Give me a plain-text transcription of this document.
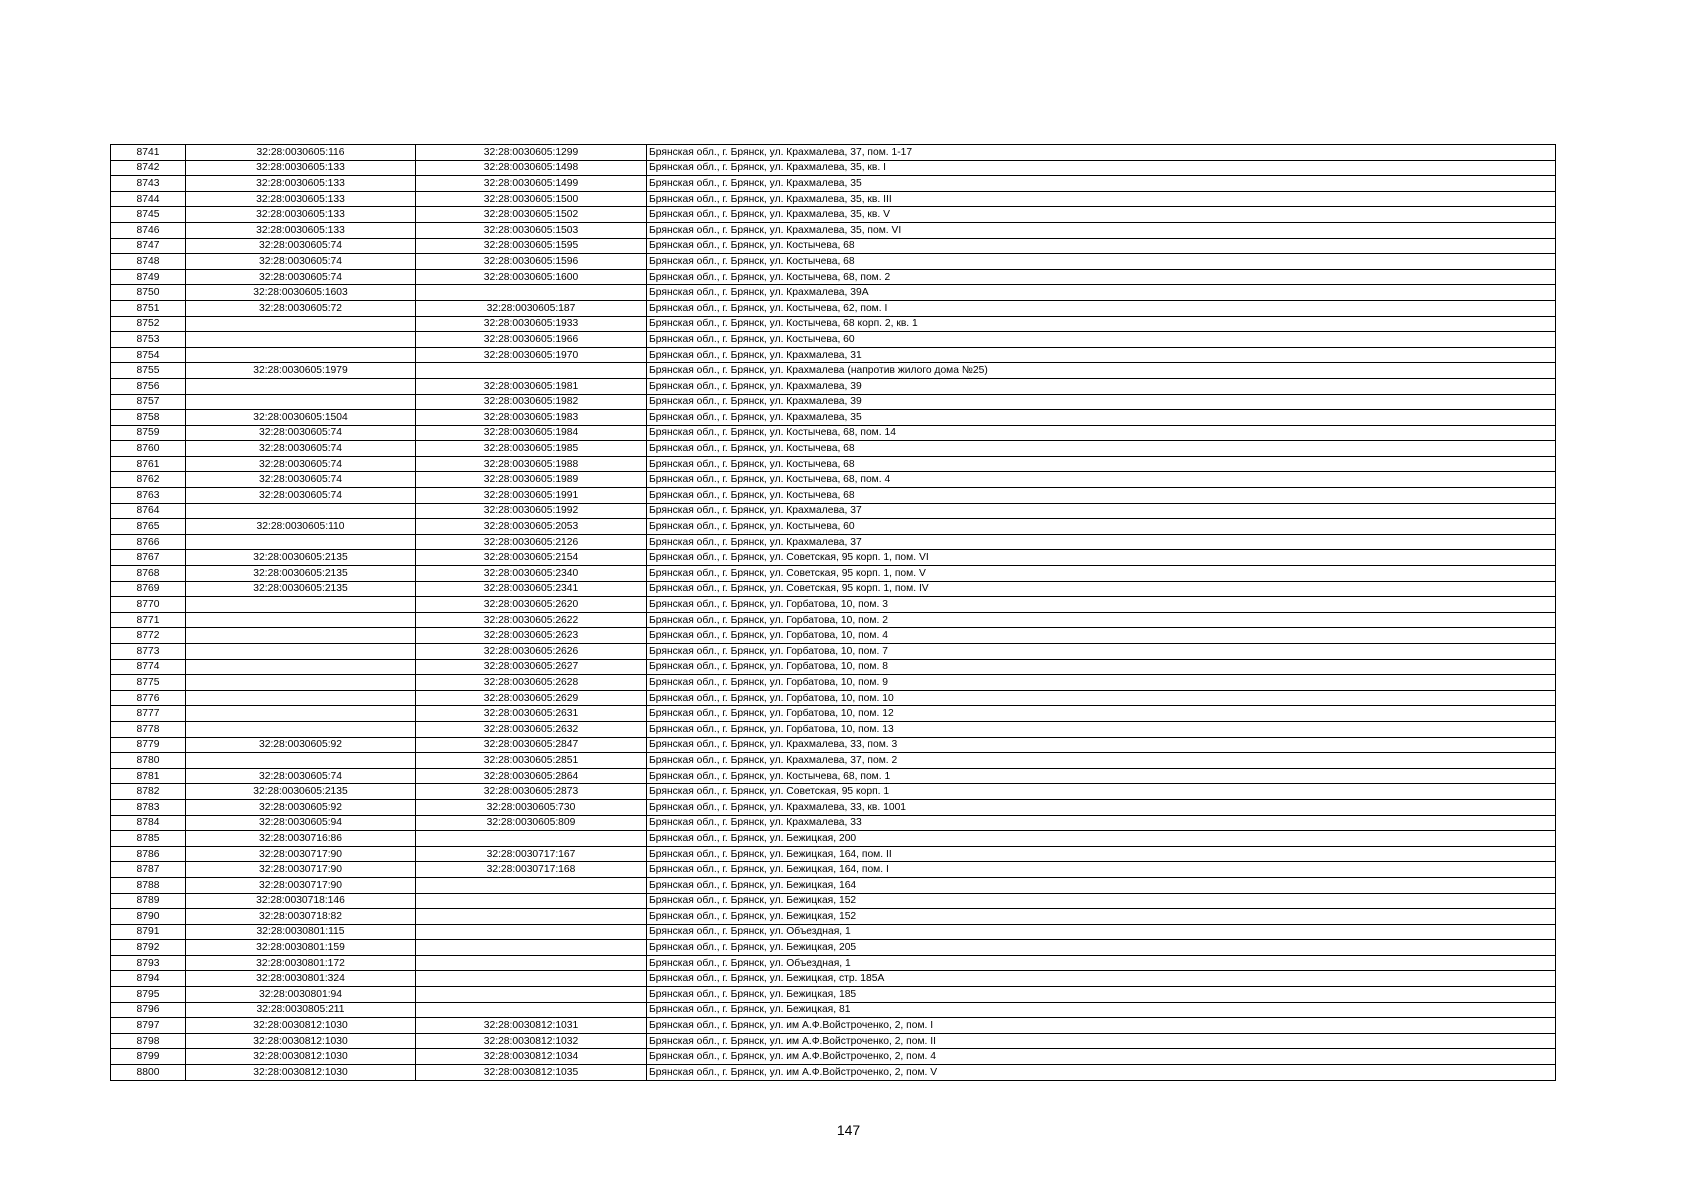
8741	32:28:0030605:116	32:28:0030605:1299	Брянская обл., г. Брянск, ул. Крахмалева, 37, пом. 1-17
8742	32:28:0030605:133	32:28:0030605:1498	Брянская обл., г. Брянск, ул. Крахмалева, 35, кв. I
8743	32:28:0030605:133	32:28:0030605:1499	Брянская обл., г. Брянск, ул. Крахмалева, 35
8744	32:28:0030605:133	32:28:0030605:1500	Брянская обл., г. Брянск, ул. Крахмалева, 35, кв. III
8745	32:28:0030605:133	32:28:0030605:1502	Брянская обл., г. Брянск, ул. Крахмалева, 35, кв. V
8746	32:28:0030605:133	32:28:0030605:1503	Брянская обл., г. Брянск, ул. Крахмалева, 35, пом. VI
8747	32:28:0030605:74	32:28:0030605:1595	Брянская обл., г. Брянск, ул. Костычева, 68
8748	32:28:0030605:74	32:28:0030605:1596	Брянская обл., г. Брянск, ул. Костычева, 68
8749	32:28:0030605:74	32:28:0030605:1600	Брянская обл., г. Брянск, ул. Костычева, 68, пом. 2
8750	32:28:0030605:1603		Брянская обл., г. Брянск, ул. Крахмалева, 39А
8751	32:28:0030605:72	32:28:0030605:187	Брянская обл., г. Брянск, ул. Костычева, 62, пом. I
8752		32:28:0030605:1933	Брянская обл., г. Брянск, ул. Костычева, 68 корп. 2, кв. 1
8753		32:28:0030605:1966	Брянская обл., г. Брянск, ул. Костычева, 60
8754		32:28:0030605:1970	Брянская обл., г. Брянск, ул. Крахмалева, 31
8755	32:28:0030605:1979		Брянская обл., г. Брянск, ул. Крахмалева (напротив жилого дома №25)
8756		32:28:0030605:1981	Брянская обл., г. Брянск, ул. Крахмалева, 39
8757		32:28:0030605:1982	Брянская обл., г. Брянск, ул. Крахмалева, 39
8758	32:28:0030605:1504	32:28:0030605:1983	Брянская обл., г. Брянск, ул. Крахмалева, 35
8759	32:28:0030605:74	32:28:0030605:1984	Брянская обл., г. Брянск, ул. Костычева, 68, пом. 14
8760	32:28:0030605:74	32:28:0030605:1985	Брянская обл., г. Брянск, ул. Костычева, 68
8761	32:28:0030605:74	32:28:0030605:1988	Брянская обл., г. Брянск, ул. Костычева, 68
8762	32:28:0030605:74	32:28:0030605:1989	Брянская обл., г. Брянск, ул. Костычева, 68, пом. 4
8763	32:28:0030605:74	32:28:0030605:1991	Брянская обл., г. Брянск, ул. Костычева, 68
8764		32:28:0030605:1992	Брянская обл., г. Брянск, ул. Крахмалева, 37
8765	32:28:0030605:110	32:28:0030605:2053	Брянская обл., г. Брянск, ул. Костычева, 60
8766		32:28:0030605:2126	Брянская обл., г. Брянск, ул. Крахмалева, 37
8767	32:28:0030605:2135	32:28:0030605:2154	Брянская обл., г. Брянск, ул. Советская, 95 корп. 1, пом. VI
8768	32:28:0030605:2135	32:28:0030605:2340	Брянская обл., г. Брянск, ул. Советская, 95 корп. 1, пом. V
8769	32:28:0030605:2135	32:28:0030605:2341	Брянская обл., г. Брянск, ул. Советская, 95 корп. 1, пом. IV
8770		32:28:0030605:2620	Брянская обл., г. Брянск, ул. Горбатова, 10, пом. 3
8771		32:28:0030605:2622	Брянская обл., г. Брянск, ул. Горбатова, 10, пом. 2
8772		32:28:0030605:2623	Брянская обл., г. Брянск, ул. Горбатова, 10, пом. 4
8773		32:28:0030605:2626	Брянская обл., г. Брянск, ул. Горбатова, 10, пом. 7
8774		32:28:0030605:2627	Брянская обл., г. Брянск, ул. Горбатова, 10, пом. 8
8775		32:28:0030605:2628	Брянская обл., г. Брянск, ул. Горбатова, 10, пом. 9
8776		32:28:0030605:2629	Брянская обл., г. Брянск, ул. Горбатова, 10, пом. 10
8777		32:28:0030605:2631	Брянская обл., г. Брянск, ул. Горбатова, 10, пом. 12
8778		32:28:0030605:2632	Брянская обл., г. Брянск, ул. Горбатова, 10, пом. 13
8779	32:28:0030605:92	32:28:0030605:2847	Брянская обл., г. Брянск, ул. Крахмалева, 33, пом. 3
8780		32:28:0030605:2851	Брянская обл., г. Брянск, ул. Крахмалева, 37, пом. 2
8781	32:28:0030605:74	32:28:0030605:2864	Брянская обл., г. Брянск, ул. Костычева, 68, пом. 1
8782	32:28:0030605:2135	32:28:0030605:2873	Брянская обл., г. Брянск, ул. Советская, 95 корп. 1
8783	32:28:0030605:92	32:28:0030605:730	Брянская обл., г. Брянск, ул. Крахмалева, 33, кв. 1001
8784	32:28:0030605:94	32:28:0030605:809	Брянская обл., г. Брянск, ул. Крахмалева, 33
8785	32:28:0030716:86		Брянская обл., г. Брянск, ул. Бежицкая, 200
8786	32:28:0030717:90	32:28:0030717:167	Брянская обл., г. Брянск, ул. Бежицкая, 164, пом. II
8787	32:28:0030717:90	32:28:0030717:168	Брянская обл., г. Брянск, ул. Бежицкая, 164, пом. I
8788	32:28:0030717:90		Брянская обл., г. Брянск, ул. Бежицкая, 164
8789	32:28:0030718:146		Брянская обл., г. Брянск, ул. Бежицкая, 152
8790	32:28:0030718:82		Брянская обл., г. Брянск, ул. Бежицкая, 152
8791	32:28:0030801:115		Брянская обл., г. Брянск, ул. Объездная, 1
8792	32:28:0030801:159		Брянская обл., г. Брянск, ул. Бежицкая, 205
8793	32:28:0030801:172		Брянская обл., г. Брянск, ул. Объездная, 1
8794	32:28:0030801:324		Брянская обл., г. Брянск, ул. Бежицкая, стр. 185А
8795	32:28:0030801:94		Брянская обл., г. Брянск, ул. Бежицкая, 185
8796	32:28:0030805:211		Брянская обл., г. Брянск, ул. Бежицкая, 81
8797	32:28:0030812:1030	32:28:0030812:1031	Брянская обл., г. Брянск, ул. им А.Ф.Войстроченко, 2, пом. I
8798	32:28:0030812:1030	32:28:0030812:1032	Брянская обл., г. Брянск, ул. им А.Ф.Войстроченко, 2, пом. II
8799	32:28:0030812:1030	32:28:0030812:1034	Брянская обл., г. Брянск, ул. им А.Ф.Войстроченко, 2, пом. 4
8800	32:28:0030812:1030	32:28:0030812:1035	Брянская обл., г. Брянск, ул. им А.Ф.Войстроченко, 2, пом. V
147
